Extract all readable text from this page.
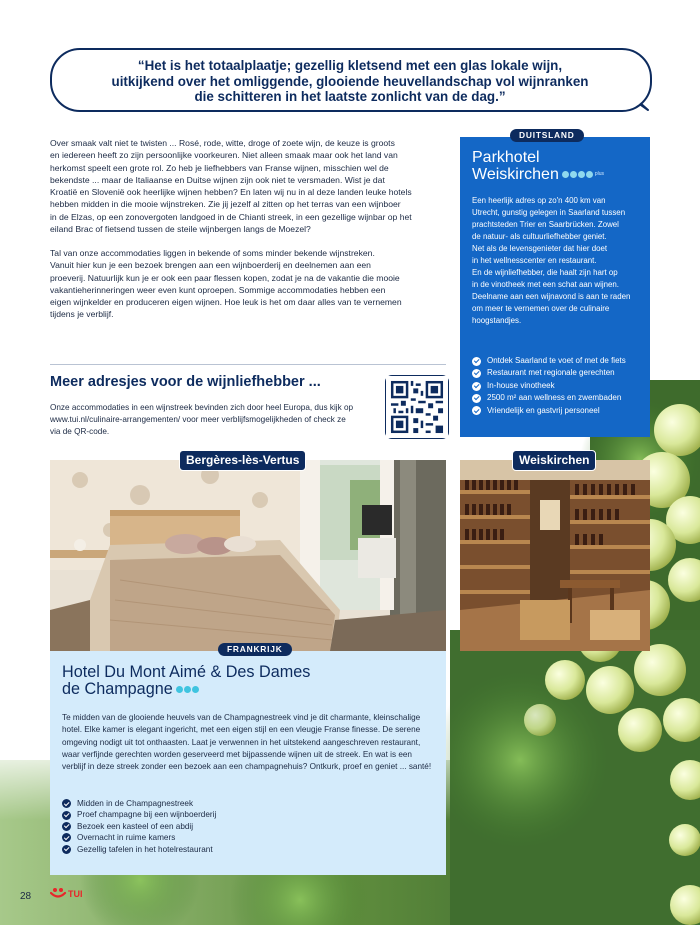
“Het is het totaalplaatje; gezellig kletsend met een glas lokale wijn,
uitkijkend over het omliggende, glooiende heuvellandschap vol wijnranken
die schitteren in het laatste zonlicht van de dag.”
Over smaak valt niet te twisten ... Rosé, rode, witte, droge of zoete wijn, de keuze is groots
en iedereen heeft zo zijn persoonlijke voorkeuren. Niet alleen smaak maar ook het land van
herkomst speelt een grote rol. Zo heb je liefhebbers van Franse wijnen, misschien wel de
bekendste ... maar de Italiaanse en Duitse wijnen zijn ook niet te versmaden. Wist je dat
Kroatië en Slovenië ook heerlijke wijnen hebben? En laten wij nu in al deze landen leuke hotels
hebben midden in die mooie wijnstreken. Zie jij jezelf al zitten op het terras van een wijnboer
in de Elzas, op een zonovergoten landgoed in de Chianti streek, in een gezellige wijnbar op het
eiland Brac of fietsend tussen de steile wijnbergen langs de Moezel?
Tal van onze accommodaties liggen in bekende of soms minder bekende wijnstreken.
Vanuit hier kun je een bezoek brengen aan een wijnboerderij en deelnemen aan een
proeverij. Natuurlijk kun je er ook een paar flessen kopen, zodat je na de vakantie die mooie
vakantieherinneringen weer even kunt oproepen. Sommige accommodaties hebben een
eigen wijnkelder en produceren eigen wijnen. Hoe leuk is het om daar alles van te vernemen
tijdens je verblijf.
DUITSLAND
Parkhotel
Weiskirchen	plus
Een heerlijk adres op zo'n 400 km van
Utrecht, gunstig gelegen in Saarland tussen
prachtsteden Trier en Saarbrücken. Zowel
de natuur- als cultuurliefhebber geniet.
Net als de levensgenieter dat hier doet
in het wellnesscenter en restaurant.
En de wijnliefhebber, die haalt zijn hart op
in de vinotheek met een schat aan wijnen.
Deelname aan een wijnavond is aan te raden
om meer te vernemen over de culinaire
hoogstandjes.
Ontdek Saarland te voet of met de fiets
Restaurant met regionale gerechten
In-house vinotheek
2500 m² aan wellness en zwembaden
Vriendelijk en gastvrij personeel
Meer adresjes voor de wijnliefhebber ...
Onze accommodaties in een wijnstreek bevinden zich door heel Europa, dus kijk op
www.tui.nl/culinaire-arrangementen/ voor meer verblijfsmogelijkheden of check ze
via de QR-code.
Bergères-lès-Vertus	Weiskirchen
FRANKRIJK
Hotel Du Mont Aimé & Des Dames
de Champagne
Te midden van de glooiende heuvels van de Champagnestreek vind je dit charmante, kleinschalige
hotel. Elke kamer is elegant ingericht, met een eigen stijl en een vleugje Franse finesse. De serene
omgeving nodigt uit tot onthaasten. Laat je verwennen in het uitstekend aangeschreven restaurant,
waar verfijnde gerechten worden geserveerd met bijpassende wijnen uit de streek. En wat is een
verblijf in deze streek zonder een bezoek aan een champagnehuis? Ontkurk, proef en geniet ... santé!
Midden in de Champagnestreek
Proef champagne bij een wijnboerderij
Bezoek een kasteel of een abdij
Overnacht in ruime kamers
Gezellig tafelen in het hotelrestaurant
28	TUI
